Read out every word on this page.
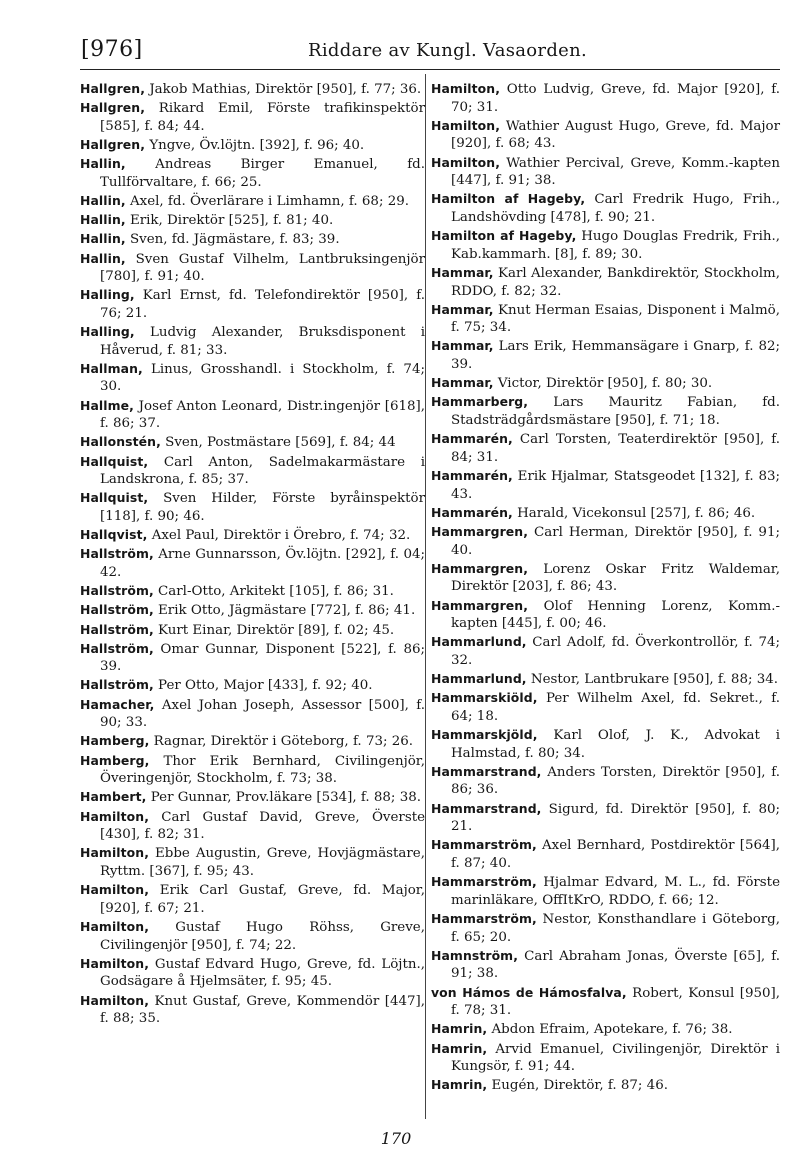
[976]	Riddare av Kungl. Vasaorden.

Hallgren, Jakob Mathias, Direktör [950], f. 77; 36.

Hallgren, Rikard Emil, Förste trafikinspektör [585], f. 84; 44.

Hallgren, Yngve, Öv.löjtn. [392], f. 96; 40.

Hallin, Andreas Birger Emanuel, fd. Tullförvaltare, f. 66; 25.

Hallin, Axel, fd. Överlärare i Limhamn, f. 68; 29.

Hallin, Erik, Direktör [525], f. 81; 40.

Hallin, Sven, fd. Jägmästare, f. 83; 39.

Hallin, Sven Gustaf Vilhelm, Lantbruksingenjör [780], f. 91; 40.

Halling, Karl Ernst, fd. Telefondirektör [950], f. 76; 21.

Halling, Ludvig Alexander, Bruksdisponent i Håverud, f. 81; 33.

Hallman, Linus, Grosshandl. i Stockholm, f. 74; 30.

Hallme, Josef Anton Leonard, Distr.ingenjör [618], f. 86; 37.

Hallonstén, Sven, Postmästare [569], f. 84; 44

Hallquist, Carl Anton, Sadelmakarmästare i Landskrona, f. 85; 37.

Hallquist, Sven Hilder, Förste byråinspektör [118], f. 90; 46.

Hallqvist, Axel Paul, Direktör i Örebro, f. 74; 32.

Hallström, Arne Gunnarsson, Öv.löjtn. [292], f. 04; 42.

Hallström, Carl-Otto, Arkitekt [105], f. 86; 31.

Hallström, Erik Otto, Jägmästare [772], f. 86; 41.

Hallström, Kurt Einar, Direktör [89], f. 02; 45.

Hallström, Omar Gunnar, Disponent [522], f. 86; 39.

Hallström, Per Otto, Major [433], f. 92; 40.

Hamacher, Axel Johan Joseph, Assessor [500], f. 90; 33.

Hamberg, Ragnar, Direktör i Göteborg, f. 73; 26.

Hamberg, Thor Erik Bernhard, Civilingenjör, Överingenjör, Stockholm, f. 73; 38.

Hambert, Per Gunnar, Prov.läkare [534], f. 88; 38.

Hamilton, Carl Gustaf David, Greve, Överste [430], f. 82; 31.

Hamilton, Ebbe Augustin, Greve, Hovjägmästare, Ryttm. [367], f. 95; 43.

Hamilton, Erik Carl Gustaf, Greve, fd. Major, [920], f. 67; 21.

Hamilton, Gustaf Hugo Röhss, Greve, Civilingenjör [950], f. 74; 22.

Hamilton, Gustaf Edvard Hugo, Greve, fd. Löjtn., Godsägare å Hjelmsäter, f. 95; 45.

Hamilton, Knut Gustaf, Greve, Kommendör [447], f. 88; 35.

Hamilton, Otto Ludvig, Greve, fd. Major [920], f. 70; 31.

Hamilton, Wathier August Hugo, Greve, fd. Major [920], f. 68; 43.

Hamilton, Wathier Percival, Greve, Komm.-kapten [447], f. 91; 38.

Hamilton af Hageby, Carl Fredrik Hugo, Frih., Landshövding [478], f. 90; 21.

Hamilton af Hageby, Hugo Douglas Fredrik, Frih., Kab.kammarh. [8], f. 89; 30.

Hammar, Karl Alexander, Bankdirektör, Stockholm, RDDO, f. 82; 32.

Hammar, Knut Herman Esaias, Disponent i Malmö, f. 75; 34.

Hammar, Lars Erik, Hemmansägare i Gnarp, f. 82; 39.

Hammar, Victor, Direktör [950], f. 80; 30.

Hammarberg, Lars Mauritz Fabian, fd. Stadsträdgårdsmästare [950], f. 71; 18.

Hammarén, Carl Torsten, Teaterdirektör [950], f. 84; 31.

Hammarén, Erik Hjalmar, Statsgeodet [132], f. 83; 43.

Hammarén, Harald, Vicekonsul [257], f. 86; 46.

Hammargren, Carl Herman, Direktör [950], f. 91; 40.

Hammargren, Lorenz Oskar Fritz Waldemar, Direktör [203], f. 86; 43.

Hammargren, Olof Henning Lorenz, Komm.-kapten [445], f. 00; 46.

Hammarlund, Carl Adolf, fd. Överkontrollör, f. 74; 32.

Hammarlund, Nestor, Lantbrukare [950], f. 88; 34.

Hammarskiöld, Per Wilhelm Axel, fd. Sekret., f. 64; 18.

Hammarskjöld, Karl Olof, J. K., Advokat i Halmstad, f. 80; 34.

Hammarstrand, Anders Torsten, Direktör [950], f. 86; 36.

Hammarstrand, Sigurd, fd. Direktör [950], f. 80; 21.

Hammarström, Axel Bernhard, Postdirektör [564], f. 87; 40.

Hammarström, Hjalmar Edvard, M. L., fd. Förste marinläkare, OffItKrO, RDDO, f. 66; 12.

Hammarström, Nestor, Konsthandlare i Göteborg, f. 65; 20.

Hamnström, Carl Abraham Jonas, Överste [65], f. 91; 38.

von Hámos de Hámosfalva, Robert, Konsul [950], f. 78; 31.

Hamrin, Abdon Efraim, Apotekare, f. 76; 38.

Hamrin, Arvid Emanuel, Civilingenjör, Direktör i Kungsör, f. 91; 44.

Hamrin, Eugén, Direktör, f. 87; 46.

170
